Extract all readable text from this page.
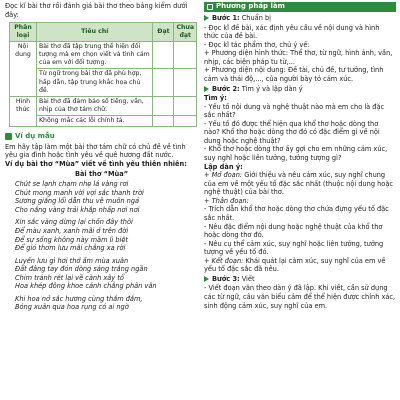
Đọc kĩ bài thơ rồi đánh giá bài thơ theo bảng kiểm dưới đây:

Phân loại	Tiêu chí	Đạt	Chưa đạt
Nội dung	Bài thơ đã tập trung thể hiện đối tượng mà em chọn viết và tình cảm của em với đối tượng.		
	Từ ngữ trong bài thơ đã phù hợp, hấp dẫn, tập trung khắc họa chủ đề.		
Hình thức	Bài thơ đã đảm bảo số tiếng, vần, nhịp của thơ tám chữ.		
	Không mắc các lỗi chính tả.		
Ví dụ mẫu

Em hãy tập làm một bài thơ tám chữ có chủ đề về tình yêu gia đình hoặc tình yêu về quê hương đất nước.

Ví dụ bài thơ “Mùa” viết về tình yêu thiên nhiên:

Bài thơ “Mùa”

Chút se lạnh chạm nhẹ lá vàng rơi

Chút mong manh vời vợi sắc thanh trời

Sương giăng lối dẫn thu về muôn ngả

Cho nắng vàng trải khắp nhấp nơi nơi

Xin sắc vàng dừng lại chốn đây thôi

Để màu xanh, xanh mãi ở trên đời

Để sự sống không này mầm li biệt

Để gió thơm lưu mãi chẳng xa rời

Luyến lưu gì hơi thở ấm mùa xuân

Đất đâng tay đón dòng sáng trắng ngần

Chim tránh rét lại về cành xây tổ

Hoa khép đông khoe cánh chẳng phân vân

Khi hoa nở sắc hương cùng thắm đắm,

Bóng xuân qua hoa rụng có ai ngờ

Phương pháp làm
Bước 1: Chuẩn bị

- Đọc kĩ đề bài, xác định yêu cầu về nội dung và hình thức của đề bài.

- Đọc kĩ tác phẩm thơ, chủ ý về:

+ Phương diện hình thức: Thể thơ, từ ngữ, hình ảnh, vần, nhịp, các biện pháp tu từ,...

+ Phương diện nội dung: Đề tài, chủ đề, tư tưởng, tình cảm và thái độ,..., của người bày tỏ cảm xúc.

Bước 2: Tìm ý và lập dàn ý

Tìm ý:

- Yếu tố nội dung và nghệ thuật nào mà em cho là đặc sắc nhất?

- Yếu tố đó được thể hiện qua khổ thơ hoặc dòng thơ nào? Khổ thơ hoặc dòng thơ đó có đặc điểm gì về nội dung hoặc nghệ thuật?

- Khổ thơ hoặc dòng thơ ấy gợi cho em những cảm xúc, suy nghĩ hoặc liên tưởng, tưởng tượng gì?

Lập dàn ý:

+ Mở đoạn: Giới thiệu và nêu cảm xúc, suy nghĩ chung của em về một yếu tố đặc sắc nhất (thuộc nội dung hoặc nghệ thuật) của bài thơ.

+ Thân đoạn:

- Trích dẫn khổ thơ hoặc dòng thơ chứa đựng yếu tố đặc sắc nhất.

- Nêu đặc điểm nội dung hoặc nghệ thuật của khổ thơ hoặc dòng thơ đó.

- Nêu cụ thể cảm xúc, suy nghĩ hoặc liên tưởng, tưởng tượng về yếu tố đó.

+ Kết đoạn: Khái quát lại cảm xúc, suy nghĩ của em về yếu tố đặc sắc đã nêu.

Bước 3: Viết

- Viết đoạn văn theo dàn ý đã lập. Khi viết, cần sử dụng các từ ngữ, câu văn biểu cảm để thể hiện được chính xác, sinh động cảm xúc, suy nghĩ của em.
